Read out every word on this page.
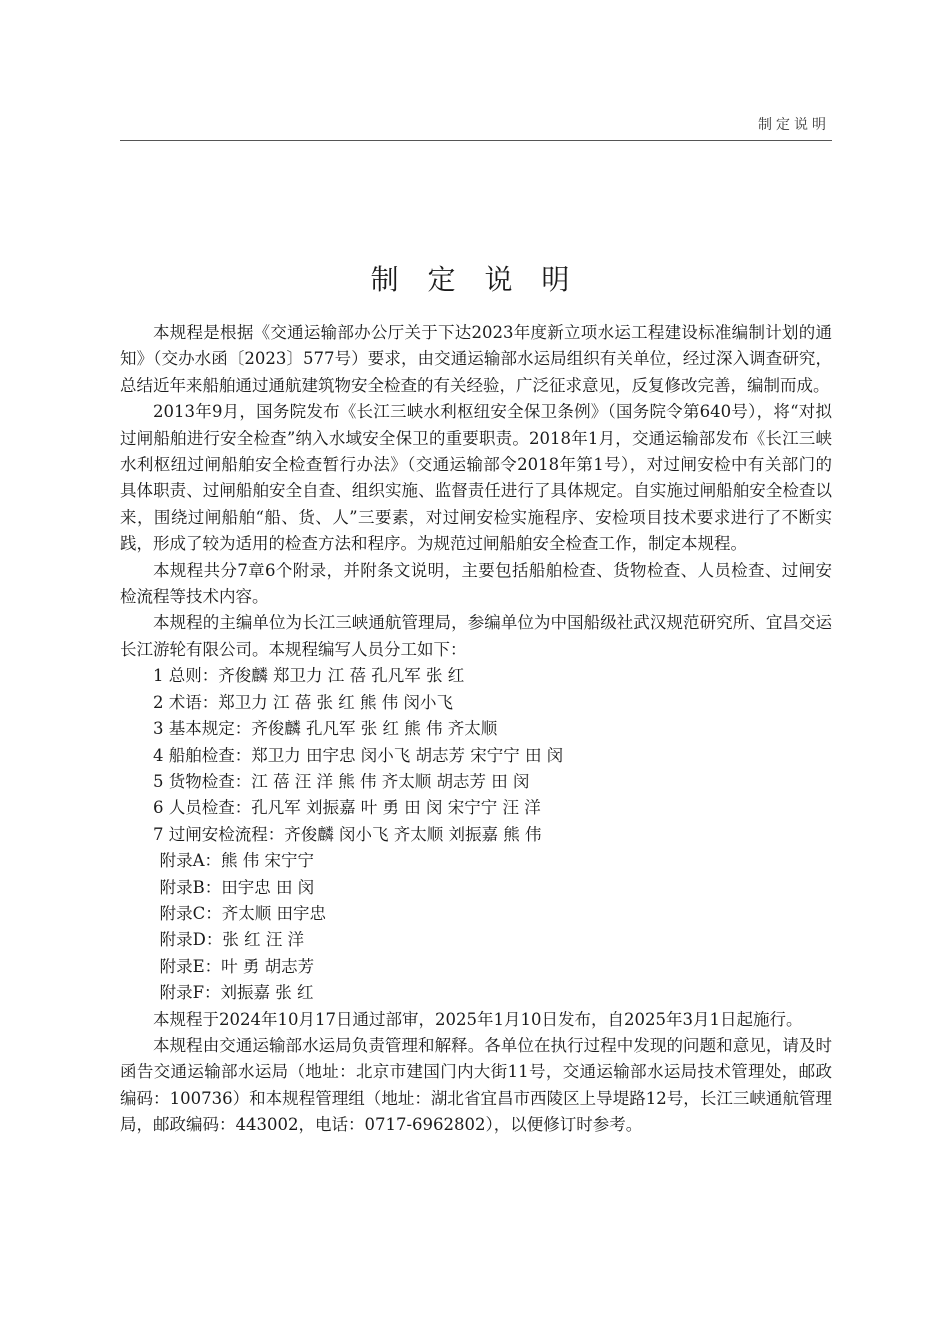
制定说明
制 定 说 明

本规程是根据《交通运输部办公厅关于下达2023年度新立项水运工程建设标准编制计划的通知》（交办水函〔2023〕577号）要求，由交通运输部水运局组织有关单位，经过深入调查研究，总结近年来船舶通过通航建筑物安全检查的有关经验，广泛征求意见，反复修改完善，编制而成。

2013年9月，国务院发布《长江三峡水利枢纽安全保卫条例》（国务院令第640号），将“对拟过闸船舶进行安全检查”纳入水域安全保卫的重要职责。2018年1月，交通运输部发布《长江三峡水利枢纽过闸船舶安全检查暂行办法》（交通运输部令2018年第1号），对过闸安检中有关部门的具体职责、过闸船舶安全自查、组织实施、监督责任进行了具体规定。自实施过闸船舶安全检查以来，围绕过闸船舶“船、货、人”三要素，对过闸安检实施程序、安检项目技术要求进行了不断实践，形成了较为适用的检查方法和程序。为规范过闸船舶安全检查工作，制定本规程。

本规程共分7章6个附录，并附条文说明，主要包括船舶检查、货物检查、人员检查、过闸安检流程等技术内容。

本规程的主编单位为长江三峡通航管理局，参编单位为中国船级社武汉规范研究所、宜昌交运长江游轮有限公司。本规程编写人员分工如下：

1 总则：齐俊麟 郑卫力 江 蓓 孔凡军 张 红
2 术语：郑卫力 江 蓓 张 红 熊 伟 闵小飞
3 基本规定：齐俊麟 孔凡军 张 红 熊 伟 齐太顺
4 船舶检查：郑卫力 田宇忠 闵小飞 胡志芳 宋宁宁 田 闵
5 货物检查：江 蓓 汪 洋 熊 伟 齐太顺 胡志芳 田 闵
6 人员检查：孔凡军 刘振嘉 叶 勇 田 闵 宋宁宁 汪 洋
7 过闸安检流程：齐俊麟 闵小飞 齐太顺 刘振嘉 熊 伟
附录A：熊 伟 宋宁宁
附录B：田宇忠 田 闵
附录C：齐太顺 田宇忠
附录D：张 红 汪 洋
附录E：叶 勇 胡志芳
附录F：刘振嘉 张 红

本规程于2024年10月17日通过部审，2025年1月10日发布，自2025年3月1日起施行。

本规程由交通运输部水运局负责管理和解释。各单位在执行过程中发现的问题和意见，请及时函告交通运输部水运局（地址：北京市建国门内大街11号，交通运输部水运局技术管理处，邮政编码：100736）和本规程管理组（地址：湖北省宜昌市西陵区上导堤路12号，长江三峡通航管理局，邮政编码：443002，电话：0717-6962802），以便修订时参考。
